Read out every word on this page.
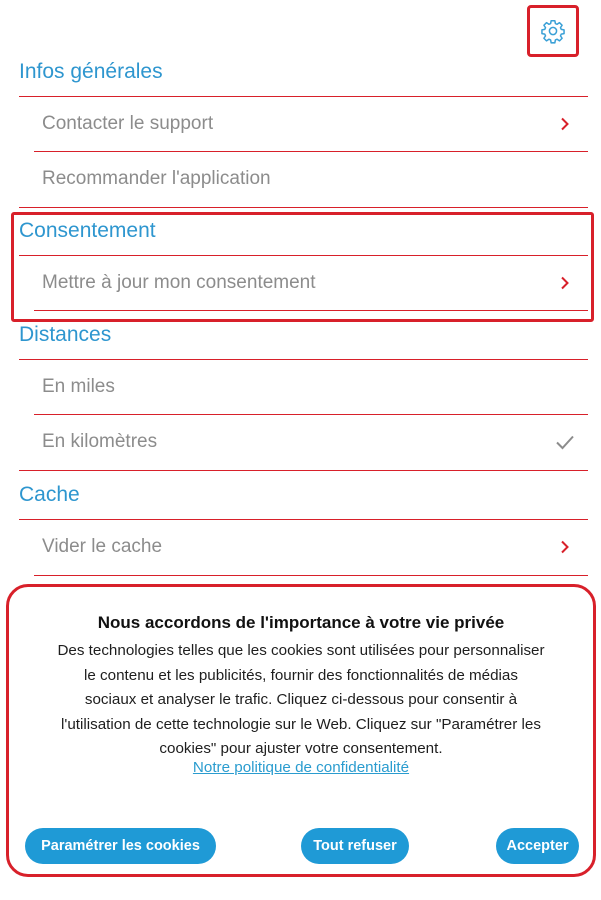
Infos générales
Contacter le support
Recommander l'application
Consentement
Mettre à jour mon consentement
Distances
En miles
En kilomètres
Cache
Vider le cache
Nous accordons de l'importance à votre vie privée
Des technologies telles que les cookies sont utilisées pour personnaliser
le contenu et les publicités, fournir des fonctionnalités de médias
sociaux et analyser le trafic. Cliquez ci-dessous pour consentir à
l'utilisation de cette technologie sur le Web. Cliquez sur "Paramétrer les
cookies" pour ajuster votre consentement.
Notre politique de confidentialité
Paramétrer les cookies	Tout refuser	Accepter
